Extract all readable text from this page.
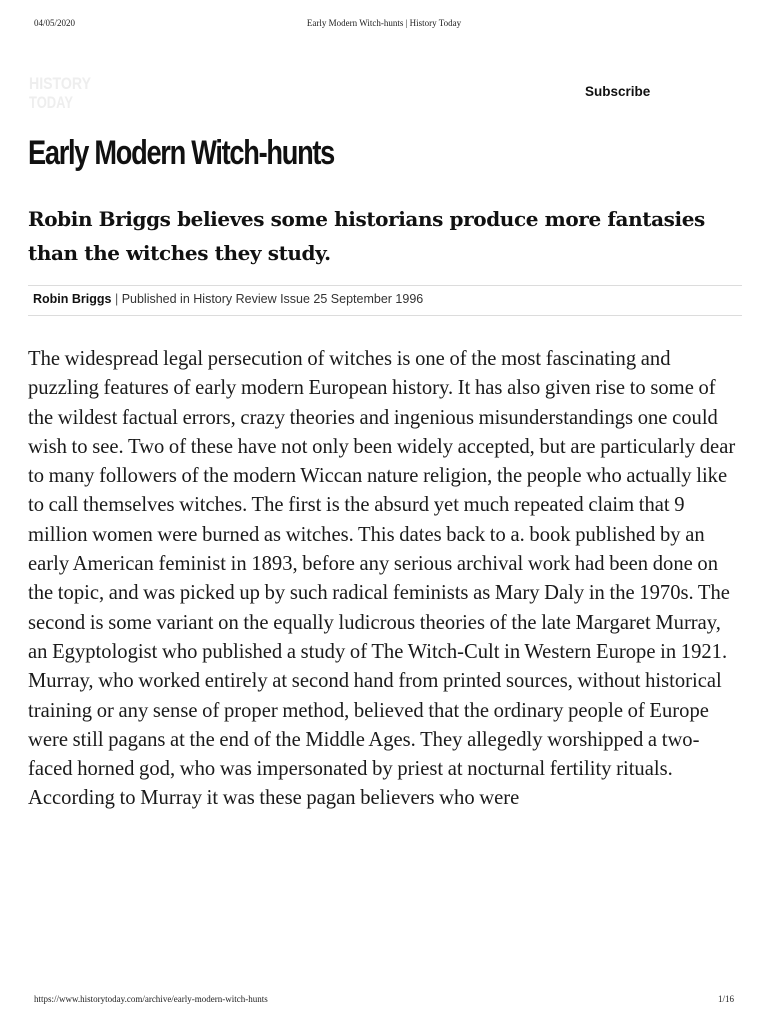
04/05/2020	Early Modern Witch-hunts | History Today
HISTORY
TODAY
Subscribe
Early Modern Witch-hunts

Robin Briggs believes some historians produce more fantasies than the witches they study.

Robin Briggs | Published in History Review Issue 25 September 1996

The widespread legal persecution of witches is one of the most fascinating and puzzling features of early modern European history. It has also given rise to some of the wildest factual errors, crazy theories and ingenious misunderstandings one could wish to see. Two of these have not only been widely accepted, but are particularly dear to many followers of the modern Wiccan nature religion, the people who actually like to call themselves witches. The first is the absurd yet much repeated claim that 9 million women were burned as witches. This dates back to a. book published by an early American feminist in 1893, before any serious archival work had been done on the topic, and was picked up by such radical feminists as Mary Daly in the 1970s. The second is some variant on the equally ludicrous theories of the late Margaret Murray, an Egyptologist who published a study of The Witch-Cult in Western Europe in 1921. Murray, who worked entirely at second hand from printed sources, without historical training or any sense of proper method, believed that the ordinary people of Europe were still pagans at the end of the Middle Ages. They allegedly worshipped a two-faced horned god, who was impersonated by priest at nocturnal fertility rituals. According to Murray it was these pagan believers who were

https://www.historytoday.com/archive/early-modern-witch-hunts	1/16
